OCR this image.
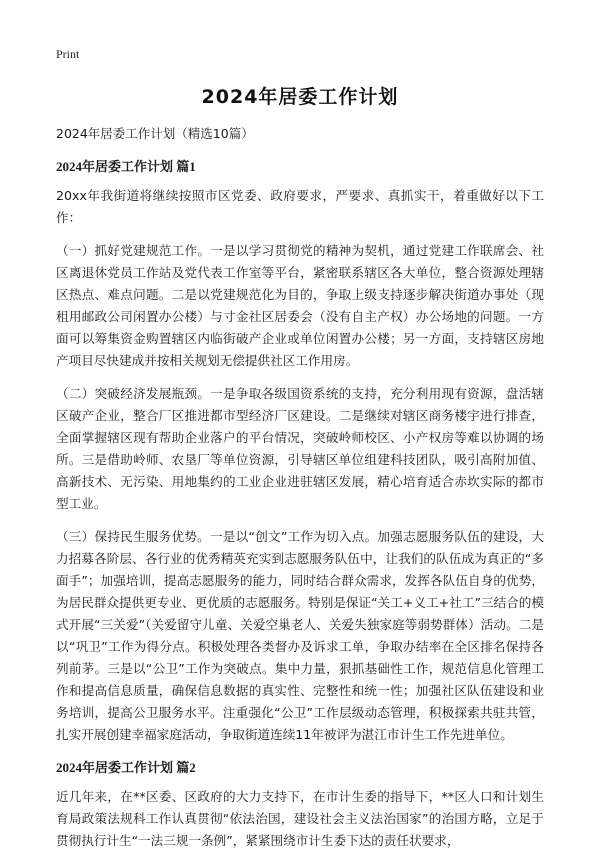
Print
2024年居委工作计划

2024年居委工作计划（精选10篇）

2024年居委工作计划 篇1

20xx年我街道将继续按照市区党委、政府要求，严要求、真抓实干，着重做好以下工作：

（一）抓好党建规范工作。一是以学习贯彻党的精神为契机，通过党建工作联席会、社区离退休党员工作站及党代表工作室等平台，紧密联系辖区各大单位，整合资源处理辖区热点、难点问题。二是以党建规范化为目的，争取上级支持逐步解决街道办事处（现租用邮政公司闲置办公楼）与寸金社区居委会（没有自主产权）办公场地的问题。一方面可以筹集资金购置辖区内临街破产企业或单位闲置办公楼；另一方面，支持辖区房地产项目尽快建成并按相关规划无偿提供社区工作用房。

（二）突破经济发展瓶颈。一是争取各级国资系统的支持，充分利用现有资源，盘活辖区破产企业，整合厂区推进都市型经济厂区建设。二是继续对辖区商务楼宇进行排查，全面掌握辖区现有帮助企业落户的平台情况，突破岭师校区、小产权房等难以协调的场所。三是借助岭师、农垦厂等单位资源，引导辖区单位组建科技团队，吸引高附加值、高新技术、无污染、用地集约的工业企业进驻辖区发展，精心培育适合赤坎实际的都市型工业。

（三）保持民生服务优势。一是以“创文”工作为切入点。加强志愿服务队伍的建设，大力招募各阶层、各行业的优秀精英充实到志愿服务队伍中，让我们的队伍成为真正的“多面手”；加强培训，提高志愿服务的能力，同时结合群众需求，发挥各队伍自身的优势，为居民群众提供更专业、更优质的志愿服务。特别是保证“关工+义工+社工”三结合的模式开展“三关爱”（关爱留守儿童、关爱空巢老人、关爱失独家庭等弱势群体）活动。二是以“巩卫”工作为得分点。积极处理各类督办及诉求工单，争取办结率在全区排名保持各列前茅。三是以“公卫”工作为突破点。集中力量，狠抓基础性工作，规范信息化管理工作和提高信息质量，确保信息数据的真实性、完整性和统一性；加强社区队伍建设和业务培训，提高公卫服务水平。注重强化“公卫”工作层级动态管理，积极探索共驻共管，扎实开展创建幸福家庭活动，争取街道连续11年被评为湛江市计生工作先进单位。

2024年居委工作计划 篇2

近几年来，在**区委、区政府的大力支持下，在市计生委的指导下，**区人口和计划生育局政策法规科工作认真贯彻“依法治国，建设社会主义法治国家”的治国方略，立足于贯彻执行计生“一法三规一条例”，紧紧围绕市计生委下达的责任状要求，
